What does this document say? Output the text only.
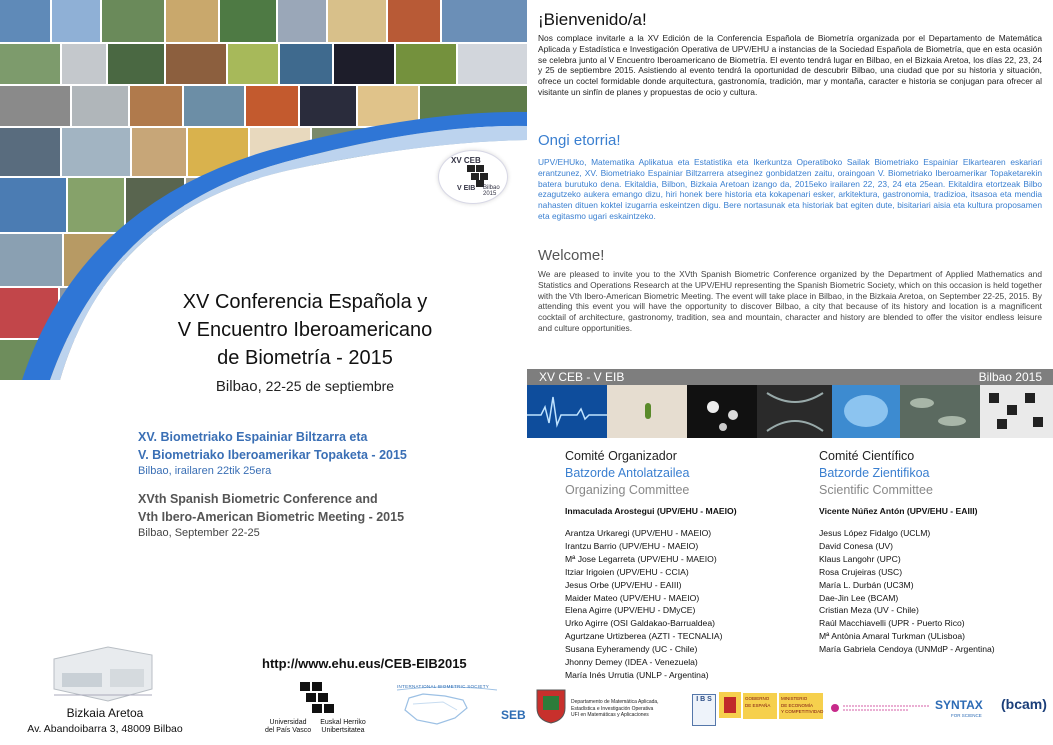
XV CEB
V EIB Bilbao 2015
XV Conferencia Española y
V Encuentro Iberoamericano
de Biometría - 2015
Bilbao, 22-25 de septiembre
XV. Biometriako Espainiar Biltzarra eta
V. Biometriako Iberoamerikar Topaketa - 2015
Bilbao, irailaren 22tik 25era
XVth Spanish Biometric Conference and
Vth Ibero-American Biometric Meeting - 2015
Bilbao, September 22-25
Bizkaia Aretoa
Av. Abandoibarra 3, 48009 Bilbao
http://www.ehu.eus/CEB-EIB2015
Universidad
del País Vasco
Euskal Herriko
Unibertsitatea
INTERNATIONAL BIOMETRIC SOCIETY
SEB
¡Bienvenido/a!
Nos complace invitarle a la XV Edición de la Conferencia Española de Biometría organizada por el Departamento de Matemática Aplicada y Estadística e Investigación Operativa de UPV/EHU a instancias de la Sociedad Española de Biometría, que en esta ocasión se celebra junto al V Encuentro Iberoamericano de Biometría. El evento tendrá lugar en Bilbao, en el Bizkaia Aretoa, los días 22, 23, 24 y 25 de septiembre 2015. Asistiendo al evento tendrá la oportunidad de descubrir Bilbao, una ciudad que por su historia y situación, ofrece un coctel formidable donde arquitectura, gastronomía, tradición, mar y montaña, caracter e historia se conjugan para ofrecer al visitante un sinfín de planes y propuestas de ocio y cultura.
Ongi etorria!
UPV/EHUko, Matematika Aplikatua eta Estatistika eta Ikerkuntza Operatiboko Sailak Biometriako Espainiar Elkartearen eskariari erantzunez, XV. Biometriako Espainiar Biltzarrera atseginez gonbidatzen zaitu, oraingoan V. Biometriako Iberoamerikar Topaketarekin batera burutuko dena. Ekitaldia, Bilbon, Bizkaia Aretoan izango da, 2015eko irailaren 22, 23, 24 eta 25ean. Ekitaldira etortzeak Bilbo ezagutzeko aukera emango dizu, hiri honek bere historia eta kokapenari esker, arkitektura, gastronomia, tradizioa, itsasoa eta mendia nahasten dituen koktel izugarria eskeintzen digu. Bere nortasunak eta historiak bat egiten dute, bisitariari aisia eta kultura proposamen eta egitasmo ugari eskaintzeko.
Welcome!
We are pleased to invite you to the XVth Spanish Biometric Conference organized by the Department of Applied Mathematics and Statistics and Operations Research at the UPV/EHU representing the Spanish Biometric Society, which on this occasion is held together with the Vth Ibero-American Biometric Meeting. The event will take place in Bilbao, in the Bizkaia Aretoa, on September 22-25, 2015. By attending this event you will have the opportunity to discover Bilbao, a city that because of its history and location is a magnificent cocktail of architecture, gastronomy, tradition, sea and mountain, character and history are blended to offer the visitor endless leisure and culture opportunities.
XV CEB - V EIB	Bilbao 2015
Comité Organizador
Batzorde Antolatzailea
Organizing Committee
Inmaculada Arostegui (UPV/EHU - MAEIO)
Arantza Urkaregi (UPV/EHU - MAEIO)
Irantzu Barrio (UPV/EHU - MAEIO)
Mª Jose Legarreta (UPV/EHU - MAEIO)
Itziar Irigoien (UPV/EHU - CCIA)
Jesus Orbe (UPV/EHU - EAIII)
Maider Mateo (UPV/EHU - MAEIO)
Elena Agirre (UPV/EHU - DMyCE)
Urko Agirre (OSI Galdakao-Barrualdea)
Agurtzane Urtizberea (AZTI - TECNALIA)
Susana Eyheramendy (UC - Chile)
Jhonny Demey (IDEA - Venezuela)
María Inés Urrutia (UNLP - Argentina)
Comité Científico
Batzorde Zientifikoa
Scientific Committee
Vicente Núñez Antón (UPV/EHU - EAIII)
Jesus López Fidalgo (UCLM)
David Conesa (UV)
Klaus Langohr (UPC)
Rosa Crujeiras (USC)
María L. Durbán (UC3M)
Dae-Jin Lee (BCAM)
Cristian Meza (UV - Chile)
Raúl Macchiavelli (UPR - Puerto Rico)
Mª Antònia Amaral Turkman (ULisboa)
María Gabriela Cendoya (UNMdP - Argentina)
Departamento de Matemática Aplicada,
Estadística e Investigación Operativa
UFI en Matemáticas y Aplicaciones
I B S	GOBIERNO
DE ESPAÑA
MINISTERIO
DE ECONOMÍA
Y COMPETITIVIDAD	SYNTAX
FOR SCIENCE
(bcam)
